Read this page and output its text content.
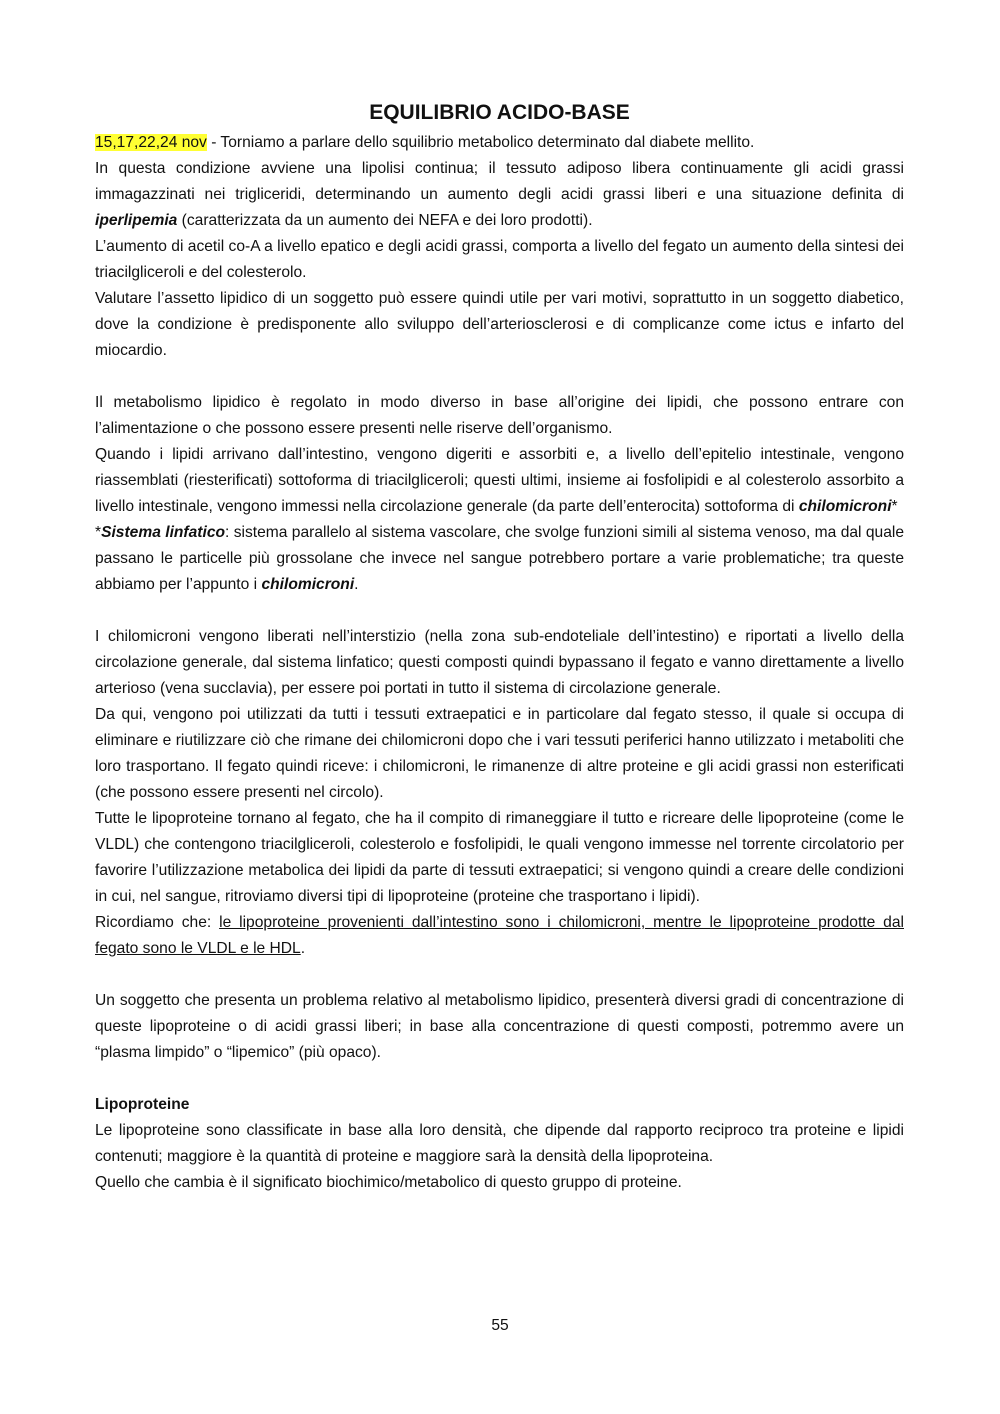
EQUILIBRIO ACIDO-BASE

15,17,22,24 nov - Torniamo a parlare dello squilibrio metabolico determinato dal diabete mellito.

In questa condizione avviene una lipolisi continua; il tessuto adiposo libera continuamente gli acidi grassi immagazzinati nei trigliceridi, determinando un aumento degli acidi grassi liberi e una situazione definita di iperlipemia (caratterizzata da un aumento dei NEFA e dei loro prodotti).

L’aumento di acetil co-A a livello epatico e degli acidi grassi, comporta a livello del fegato un aumento della sintesi dei triacilgliceroli e del colesterolo.

Valutare l’assetto lipidico di un soggetto può essere quindi utile per vari motivi, soprattutto in un soggetto diabetico, dove la condizione è predisponente allo sviluppo dell’arteriosclerosi e di complicanze come ictus e infarto del miocardio.

Il metabolismo lipidico è regolato in modo diverso in base all’origine dei lipidi, che possono entrare con l’alimentazione o che possono essere presenti nelle riserve dell’organismo.

Quando i lipidi arrivano dall’intestino, vengono digeriti e assorbiti e, a livello dell’epitelio intestinale, vengono riassemblati (riesterificati) sottoforma di triacilgliceroli; questi ultimi, insieme ai fosfolipidi e al colesterolo assorbito a livello intestinale, vengono immessi nella circolazione generale (da parte dell’enterocita) sottoforma di chilomicroni*

*Sistema linfatico: sistema parallelo al sistema vascolare, che svolge funzioni simili al sistema venoso, ma dal quale passano le particelle più grossolane che invece nel sangue potrebbero portare a varie problematiche; tra queste abbiamo per l’appunto i chilomicroni.

I chilomicroni vengono liberati nell’interstizio (nella zona sub-endoteliale dell’intestino) e riportati a livello della circolazione generale, dal sistema linfatico; questi composti quindi bypassano il fegato e vanno direttamente a livello arterioso (vena succlavia), per essere poi portati in tutto il sistema di circolazione generale.

Da qui, vengono poi utilizzati da tutti i tessuti extraepatici e in particolare dal fegato stesso, il quale si occupa di eliminare e riutilizzare ciò che rimane dei chilomicroni dopo che i vari tessuti periferici hanno utilizzato i metaboliti che loro trasportano. Il fegato quindi riceve: i chilomicroni, le rimanenze di altre proteine e gli acidi grassi non esterificati (che possono essere presenti nel circolo).

Tutte le lipoproteine tornano al fegato, che ha il compito di rimaneggiare il tutto e ricreare delle lipoproteine (come le VLDL) che contengono triacilgliceroli, colesterolo e fosfolipidi, le quali vengono immesse nel torrente circolatorio per favorire l’utilizzazione metabolica dei lipidi da parte di tessuti extraepatici; si vengono quindi a creare delle condizioni in cui, nel sangue, ritroviamo diversi tipi di lipoproteine (proteine che trasportano i lipidi).

Ricordiamo che: le lipoproteine provenienti dall’intestino sono i chilomicroni, mentre le lipoproteine prodotte dal fegato sono le VLDL e le HDL.

Un soggetto che presenta un problema relativo al metabolismo lipidico, presenterà diversi gradi di concentrazione di queste lipoproteine o di acidi grassi liberi; in base alla concentrazione di questi composti, potremmo avere un “plasma limpido” o “lipemico” (più opaco).

Lipoproteine

Le lipoproteine sono classificate in base alla loro densità, che dipende dal rapporto reciproco tra proteine e lipidi contenuti; maggiore è la quantità di proteine e maggiore sarà la densità della lipoproteina.

Quello che cambia è il significato biochimico/metabolico di questo gruppo di proteine.

55
